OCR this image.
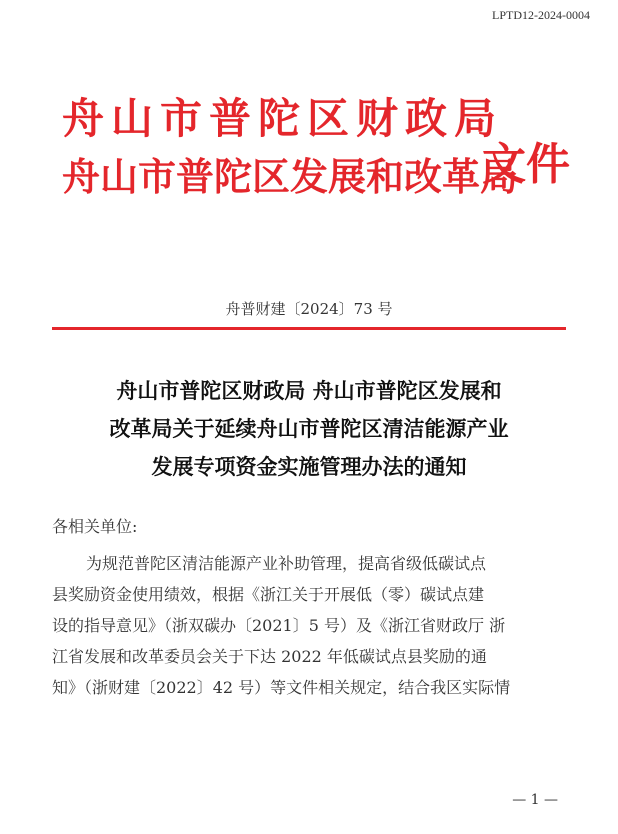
LPTD12-2024-0004
舟山市普陀区财政局
舟山市普陀区发展和改革局
文件
舟普财建〔2024〕73 号
舟山市普陀区财政局 舟山市普陀区发展和
改革局关于延续舟山市普陀区清洁能源产业
发展专项资金实施管理办法的通知
各相关单位:
为规范普陀区清洁能源产业补助管理，提高省级低碳试点
县奖励资金使用绩效，根据《浙江关于开展低（零）碳试点建
设的指导意见》（浙双碳办〔2021〕5 号）及《浙江省财政厅 浙
江省发展和改革委员会关于下达 2022 年低碳试点县奖励的通
知》（浙财建〔2022〕42 号）等文件相关规定，结合我区实际情
— 1 —
